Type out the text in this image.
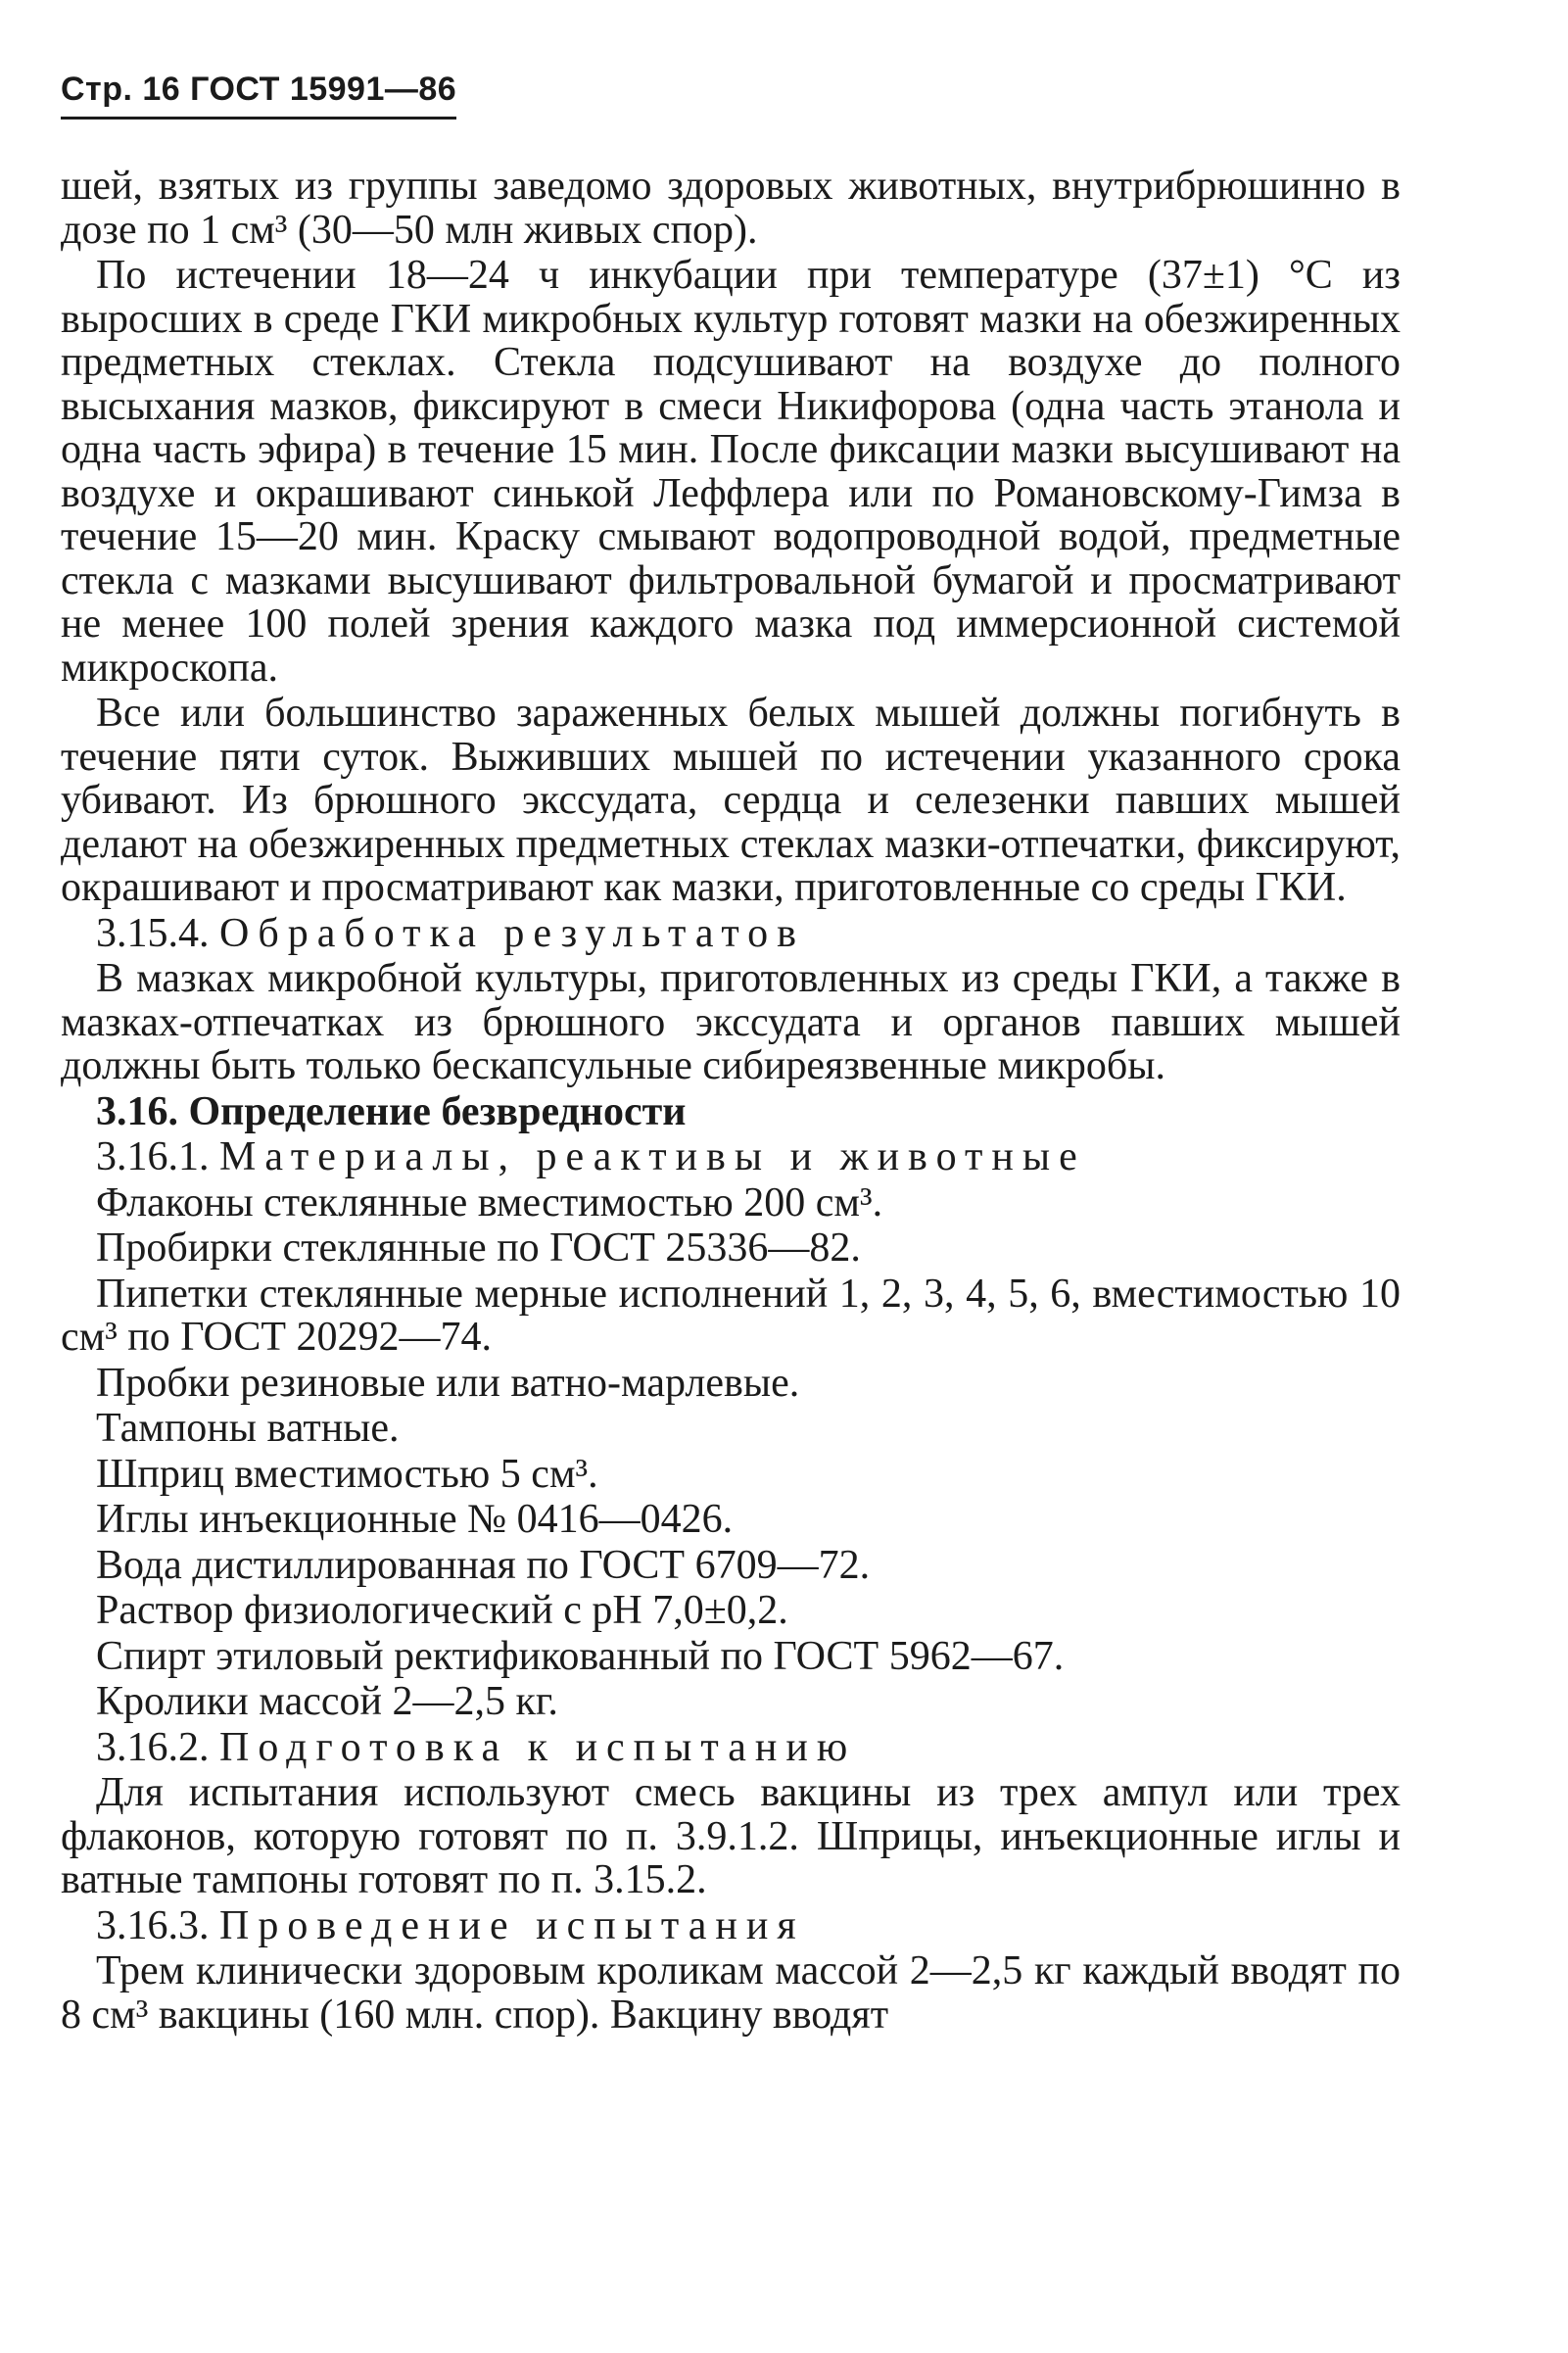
Стр. 16 ГОСТ 15991—86

шей, взятых из группы заведомо здоровых животных, внутрибрюшинно в дозе по 1 см³ (30—50 млн живых спор).

По истечении 18—24 ч инкубации при температуре (37±1) °С из выросших в среде ГКИ микробных культур готовят мазки на обезжиренных предметных стеклах. Стекла подсушивают на воздухе до полного высыхания мазков, фиксируют в смеси Никифорова (одна часть этанола и одна часть эфира) в течение 15 мин. После фиксации мазки высушивают на воздухе и окрашивают синькой Леффлера или по Романовскому-Гимза в течение 15—20 мин. Краску смывают водопроводной водой, предметные стекла с мазками высушивают фильтровальной бумагой и просматривают не менее 100 полей зрения каждого мазка под иммерсионной системой микроскопа.

Все или большинство зараженных белых мышей должны погибнуть в течение пяти суток. Выживших мышей по истечении указанного срока убивают. Из брюшного экссудата, сердца и селезенки павших мышей делают на обезжиренных предметных стеклах мазки-отпечатки, фиксируют, окрашивают и просматривают как мазки, приготовленные со среды ГКИ.

3.15.4. Обработка результатов

В мазках микробной культуры, приготовленных из среды ГКИ, а также в мазках-отпечатках из брюшного экссудата и органов павших мышей должны быть только бескапсульные сибиреязвенные микробы.

3.16. Определение безвредности

3.16.1. Материалы, реактивы и животные

Флаконы стеклянные вместимостью 200 см³.

Пробирки стеклянные по ГОСТ 25336—82.

Пипетки стеклянные мерные исполнений 1, 2, 3, 4, 5, 6, вместимостью 10 см³ по ГОСТ 20292—74.

Пробки резиновые или ватно-марлевые.

Тампоны ватные.

Шприц вместимостью 5 см³.

Иглы инъекционные № 0416—0426.

Вода дистиллированная по ГОСТ 6709—72.

Раствор физиологический с рН 7,0±0,2.

Спирт этиловый ректификованный по ГОСТ 5962—67.

Кролики массой 2—2,5 кг.

3.16.2. Подготовка к испытанию

Для испытания используют смесь вакцины из трех ампул или трех флаконов, которую готовят по п. 3.9.1.2. Шприцы, инъекционные иглы и ватные тампоны готовят по п. 3.15.2.

3.16.3. Проведение испытания

Трем клинически здоровым кроликам массой 2—2,5 кг каждый вводят по 8 см³ вакцины (160 млн. спор). Вакцину вводят
